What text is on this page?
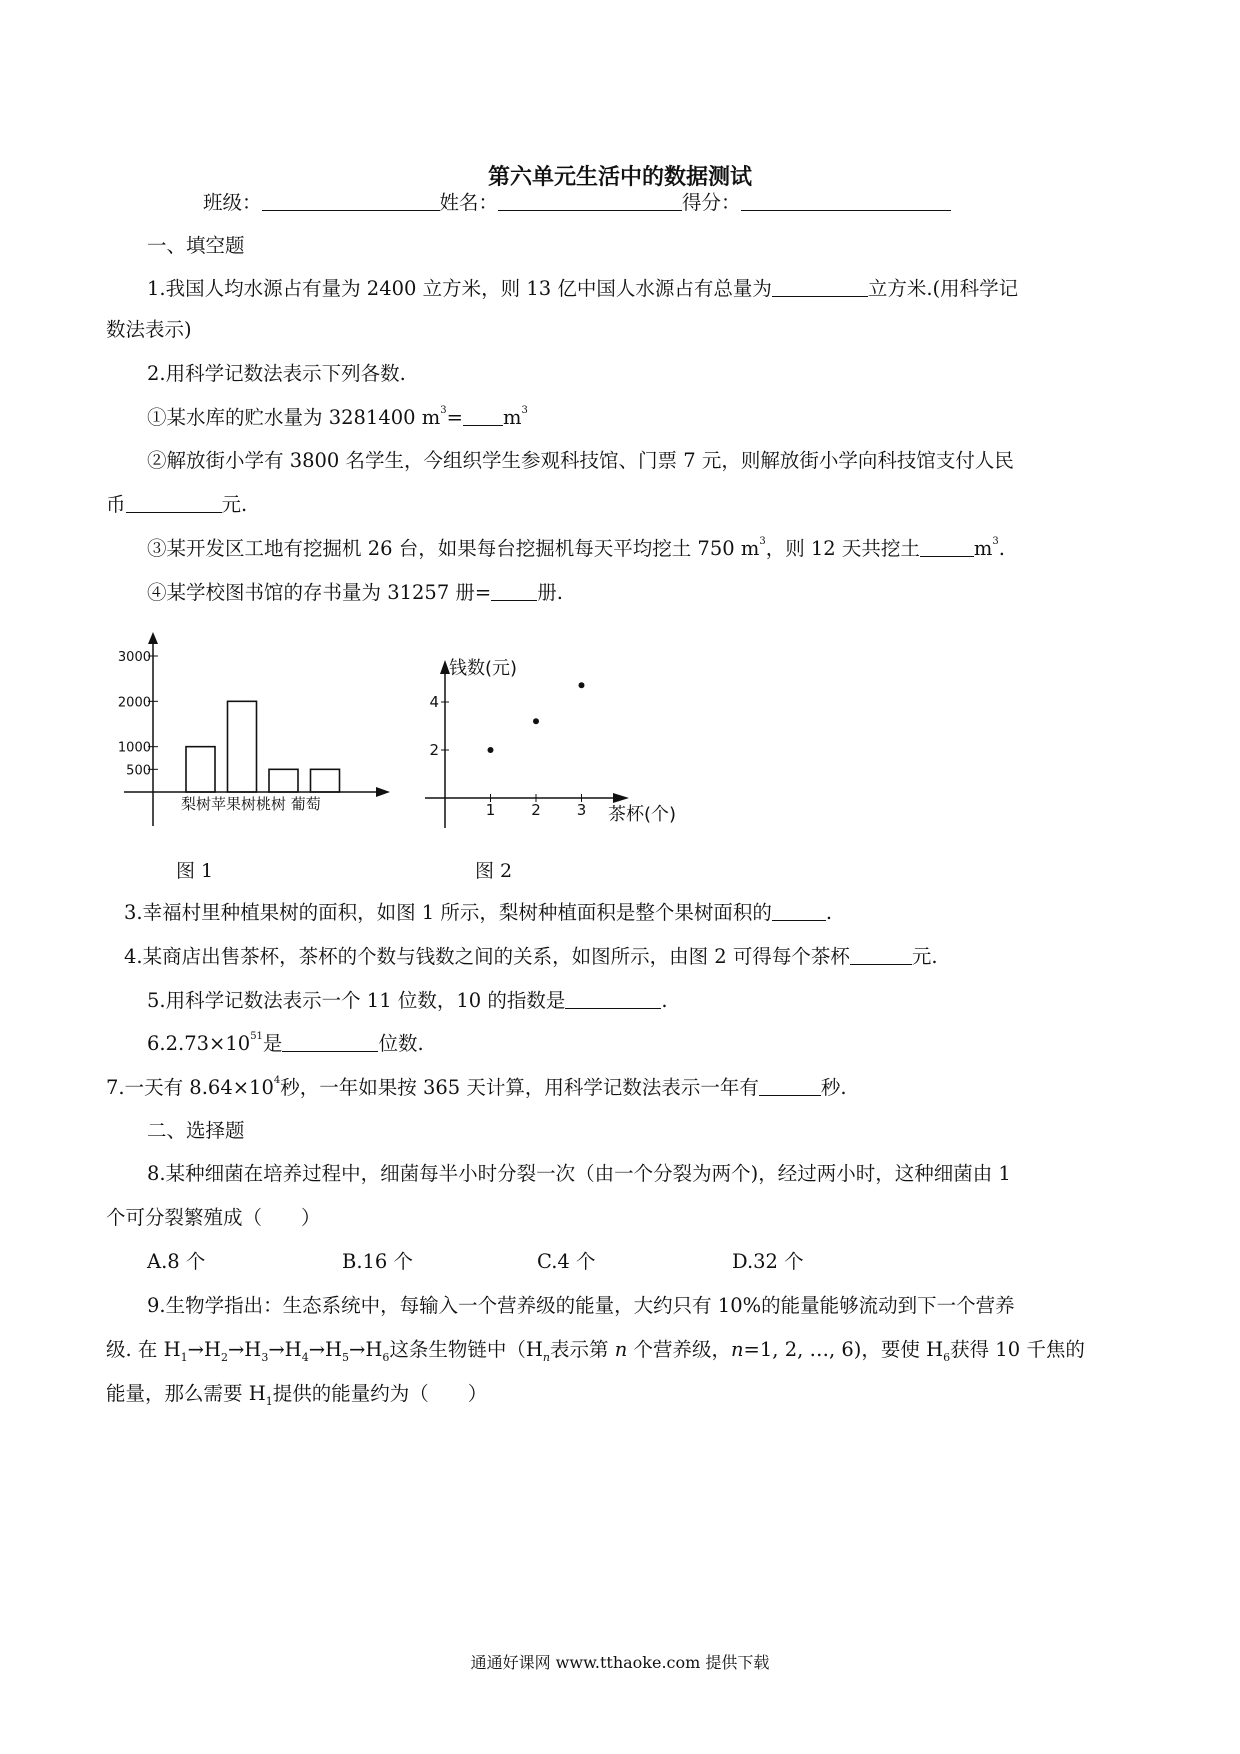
第六单元生活中的数据测试
班级：	姓名：	得分：
一、填空题
1.我国人均水源占有量为 2400 立方米，则 13 亿中国人水源占有总量为	立方米.(用科学记
数法表示)
2.用科学记数法表示下列各数.
①某水库的贮水量为 3281400 $m^3= m^3$
②解放街小学有 3800 名学生，今组织学生参观科技馆、门票 7 元，则解放街小学向科技馆支付人民
币	元.
③某开发区工地有挖掘机 26 台，如果每台挖掘机每天平均挖土 750 $m^3$，则 12 天共挖土	$m^3$.
④某学校图书馆的存书量为 31257 册= 册.
3000
2000
1000
500
梨树苹果树桃树 葡萄
图 1
钱数(元)
茶杯(个)
1 2 3
2
4
图 2
3.幸福村里种植果树的面积，如图 1 所示，梨树种植面积是整个果树面积的	.
4.某商店出售茶杯，茶杯的个数与钱数之间的关系，如图所示，由图 2 可得每个茶杯	元.
5.用科学记数法表示一个 11 位数，10 的指数是	.
$6.2.73\times 10^{51}$是	位数.
7.一天有 $8.64\times 10^4$秒，一年如果按 365 天计算，用科学记数法表示一年有	秒.
二、选择题
8.某种细菌在培养过程中，细菌每半小时分裂一次（由一个分裂为两个)，经过两小时，这种细菌由 1
个可分裂繁殖成（　　）
A.8 个	B.16 个	C.4 个	D.32 个
9.生物学指出：生态系统中，每输入一个营养级的能量，大约只有 10%的能量能够流动到下一个营养
级. 在 $H_1\to H_2\to H_3\to H_4\to H_5\to H_6$这条生物链中（$H_n$表示第 n 个营养级，n=1, 2, …, 6)，要使 $H_6$获得 10 千焦的
能量，那么需要 $H_1$提供的能量约为（　　）
通通好课网 www.tthaoke.com 提供下载
